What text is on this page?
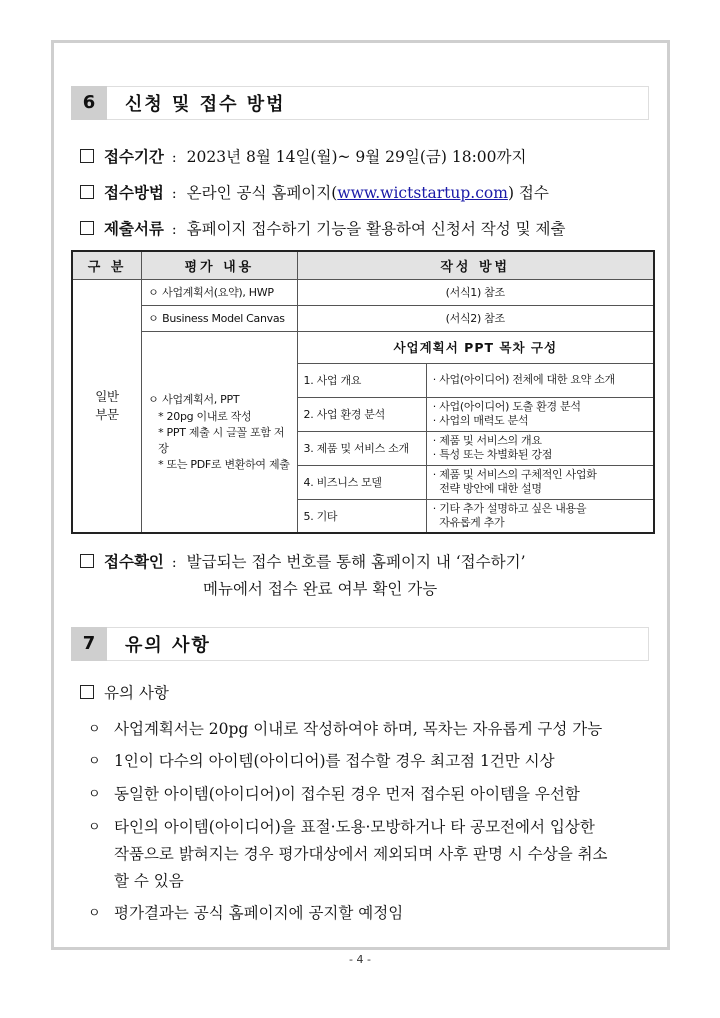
6	신청 및 접수 방법
접수기간 : 2023년 8월 14일(월)~ 9월 29일(금) 18:00까지
접수방법 : 온라인 공식 홈페이지( www.wictstartup.com ) 접수
제출서류 : 홈페이지 접수하기 기능을 활용하여 신청서 작성 및 제출
구 분	평가 내용	작성 방법	
일반
부문	ㅇ 사업계획서(요약), HWP	(서식1) 참조	
	ㅇ Business Model Canvas	(서식2) 참조	

	ㅇ 사업계획서, PPT
* 20pg 이내로 작성
* PPT 제출 시 글꼴 포함 저장
* 또는 PDF로 변환하여 제출	사업계획서 PPT 목차 구성	
		1. 사업 개요	· 사업(아이디어) 전체에 대한 요약 소개

		2. 사업 환경 분석	· 사업(아이디어) 도출 환경 분석
· 사업의 매력도 분석

		3. 제품 및 서비스 소개	· 제품 및 서비스의 개요
· 특성 또는 차별화된 강점

		4. 비즈니스 모델	· 제품 및 서비스의 구체적인 사업화
전략 방안에 대한 설명

		5. 기타	· 기타 추가 설명하고 싶은 내용을
자유롭게 추가
접수확인 : 발급되는 접수 번호를 통해 홈페이지 내 ‘접수하기’
메뉴에서 접수 완료 여부 확인 가능
7	유의 사항
유의 사항
ㅇ 사업계획서는 20pg 이내로 작성하여야 하며, 목차는 자유롭게 구성 가능
ㅇ 1인이 다수의 아이템(아이디어)를 접수할 경우 최고점 1건만 시상
ㅇ 동일한 아이템(아이디어)이 접수된 경우 먼저 접수된 아이템을 우선함
ㅇ 타인의 아이템(아이디어)을 표절·도용·모방하거나 타 공모전에서 입상한
작품으로 밝혀지는 경우 평가대상에서 제외되며 사후 판명 시 수상을 취소
할 수 있음
ㅇ 평가결과는 공식 홈페이지에 공지할 예정임
- 4 -
